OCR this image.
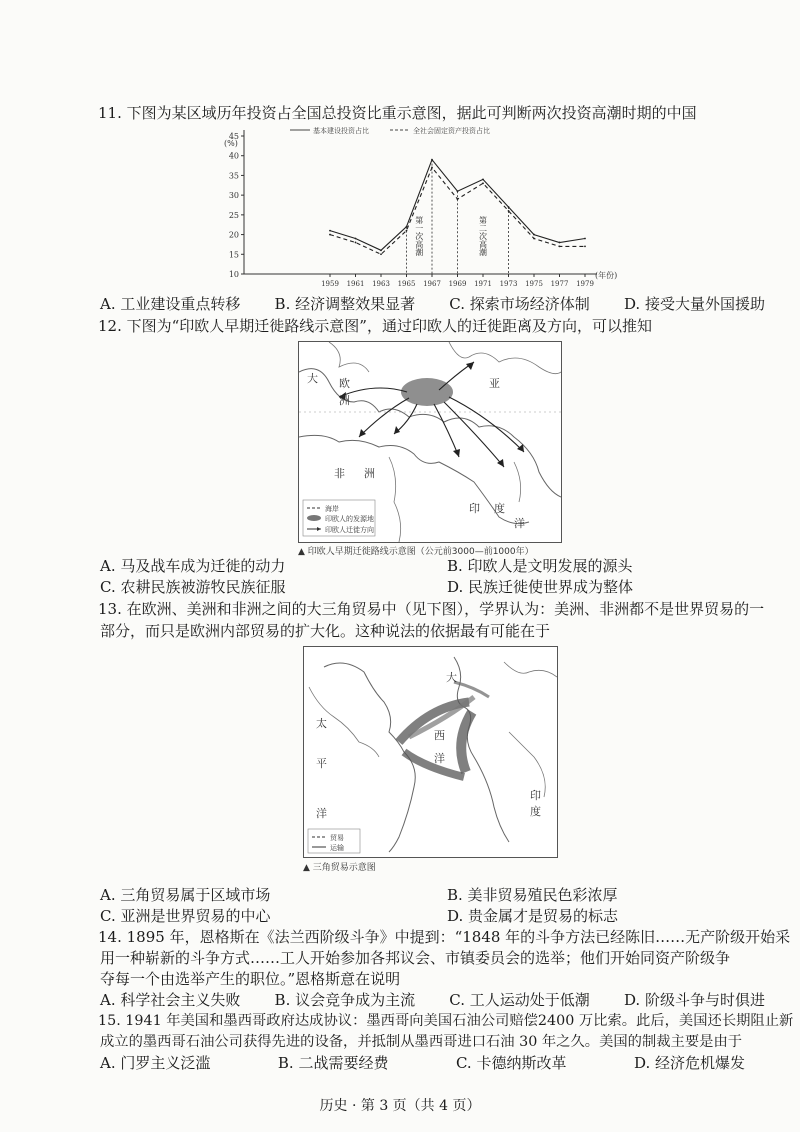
11. 下图为某区域历年投资占全国总投资比重示意图，据此可判断两次投资高潮时期的中国
(%)
(年份)
10
15
20
25
30
35
40
45
1959 1961 1963 1965 1967 1969 1971 1973 1975 1977 1979
基本建设投资占比	全社会固定资产投资占比
第一次高潮	第二次高潮
A. 工业建设重点转移 B. 经济调整效果显著 C. 探索市场经济体制 D. 接受大量外国援助
12. 下图为“印欧人早期迁徙路线示意图”，通过印欧人的迁徙距离及方向，可以推知
大 欧
洲
亚
非 洲
印 度
洋
海岸
印欧人的发源地
印欧人迁徙方向
▲ 印欧人早期迁徙路线示意图（公元前3000—前1000年）
A. 马及战车成为迁徙的动力	B. 印欧人是文明发展的源头
C. 农耕民族被游牧民族征服	D. 民族迁徙使世界成为整体
13. 在欧洲、美洲和非洲之间的大三角贸易中（见下图），学界认为：美洲、非洲都不是世界贸易的一
部分，而只是欧洲内部贸易的扩大化。这种说法的依据最有可能在于
大
太
平
洋
西
洋
印
度
贸易
运输
▲ 三角贸易示意图
A. 三角贸易属于区域市场	B. 美非贸易殖民色彩浓厚
C. 亚洲是世界贸易的中心	D. 贵金属才是贸易的标志
14. 1895 年，恩格斯在《法兰西阶级斗争》中提到：“1848 年的斗争方法已经陈旧……无产阶级开始采
用一种崭新的斗争方式……工人开始参加各邦议会、市镇委员会的选举；他们开始同资产阶级争
夺每一个由选举产生的职位。”恩格斯意在说明
A. 科学社会主义失败 B. 议会竞争成为主流 C. 工人运动处于低潮 D. 阶级斗争与时俱进
15. 1941 年美国和墨西哥政府达成协议：墨西哥向美国石油公司赔偿2400 万比索。此后，美国还长期阻止新
成立的墨西哥石油公司获得先进的设备，并抵制从墨西哥进口石油 30 年之久。美国的制裁主要是由于
A. 门罗主义泛滥	B. 二战需要经费	C. 卡德纳斯改革	D. 经济危机爆发
历史 · 第 3 页（共 4 页）
